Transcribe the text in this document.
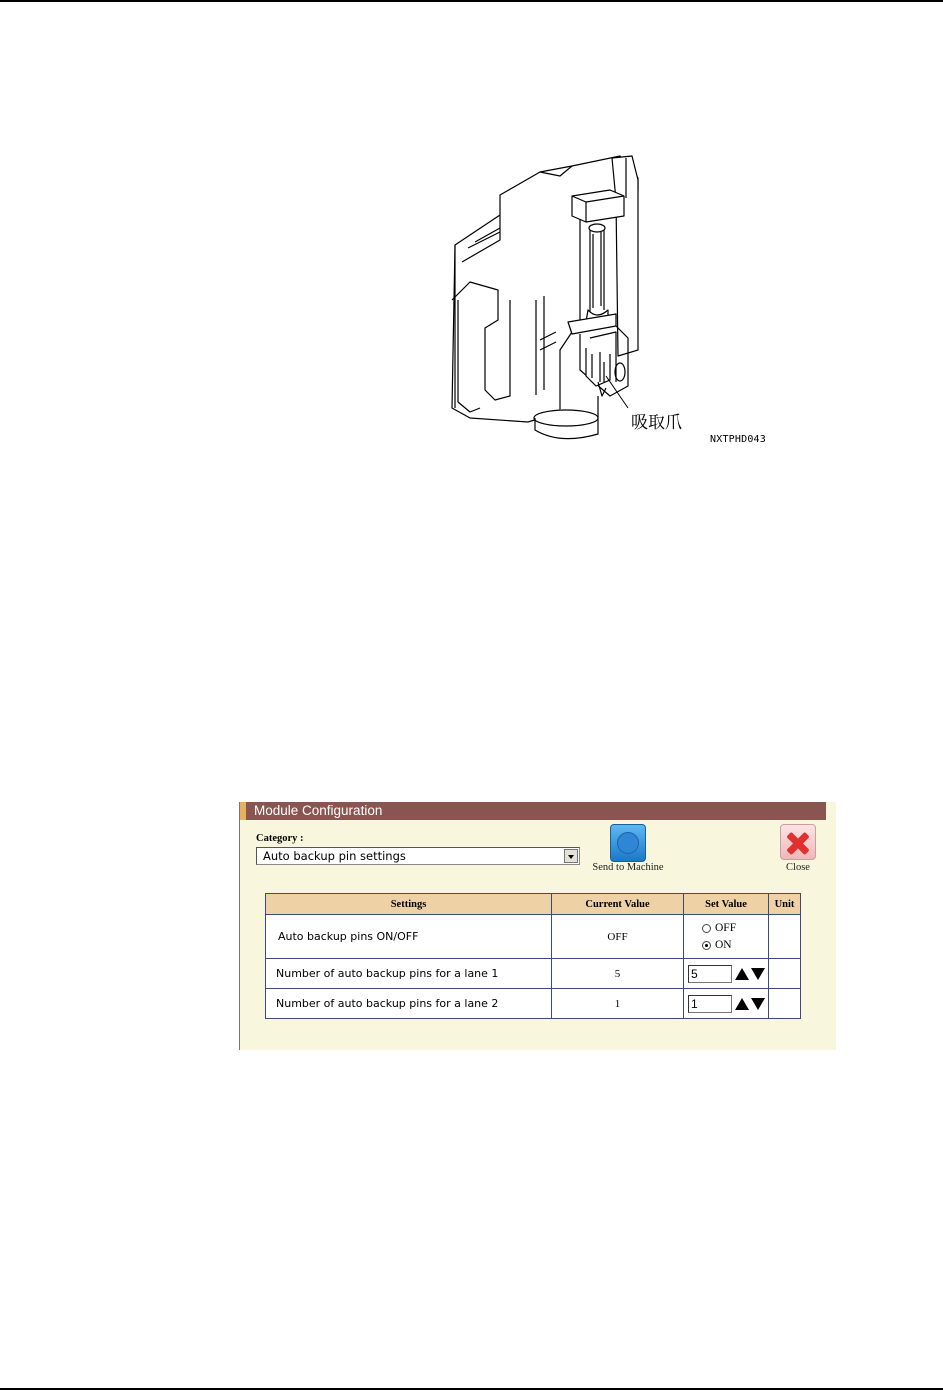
吸取爪
NXTPHD043
Module Configuration
Category :
Auto backup pin settings
Send to Machine	Close
Settings	Current Value	Set Value	Unit
Auto backup pins ON/OFF	OFF	OFF
ON	

Number of auto backup pins for a lane 1	5	5	

Number of auto backup pins for a lane 2	1	1	
